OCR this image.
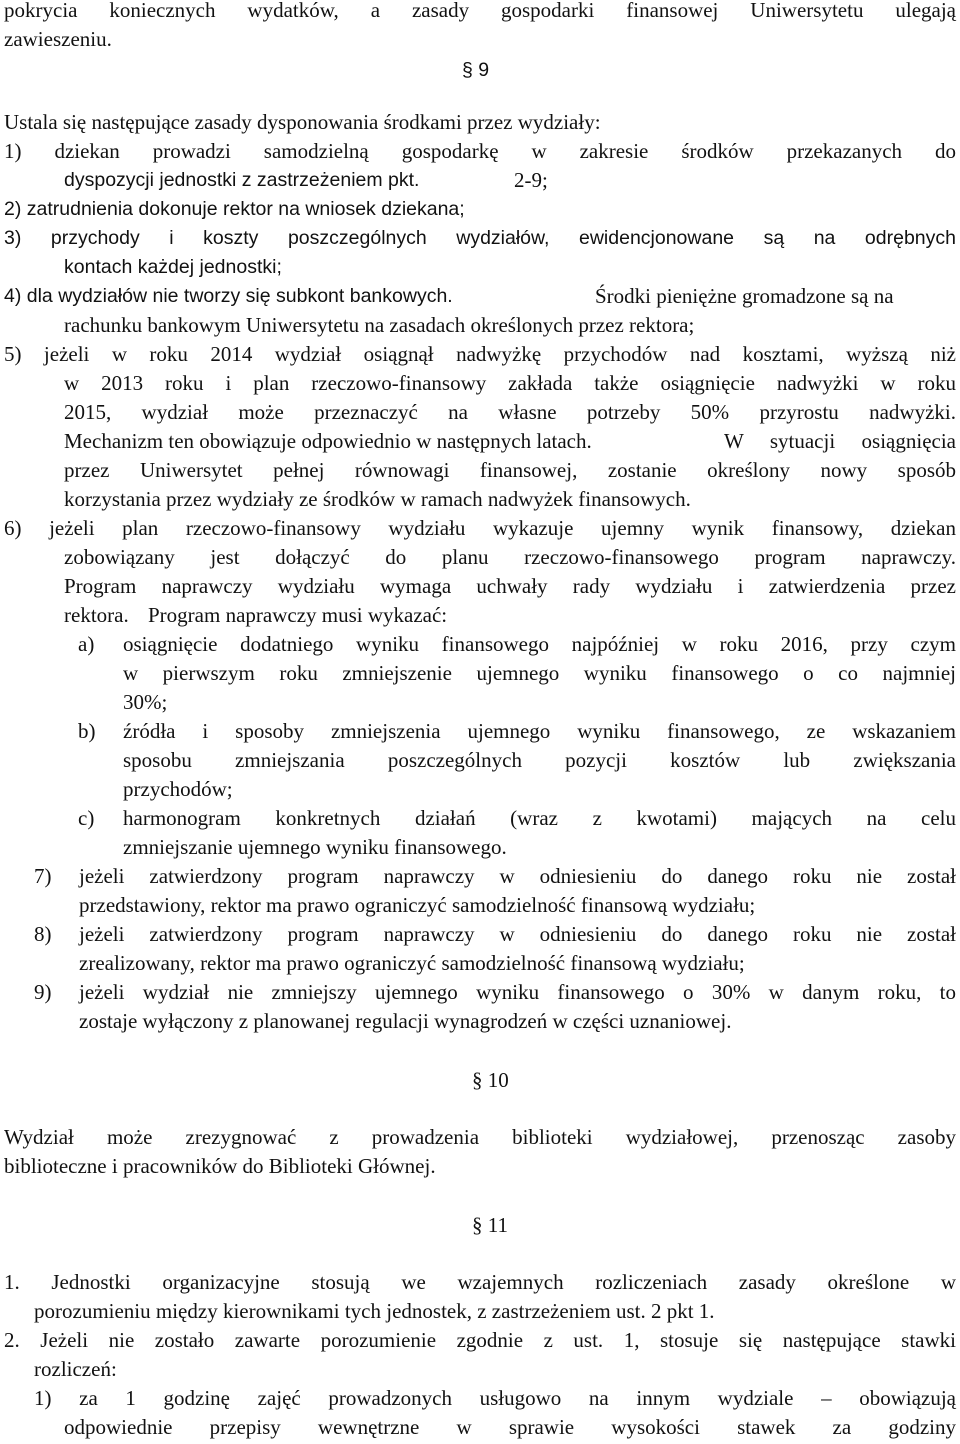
pokrycia koniecznych wydatków, a zasady gospodarki finansowej Uniwersytetu ulegają
zawieszeniu.
§ 9
Ustala się następujące zasady dysponowania środkami przez wydziały:
1) dziekan prowadzi samodzielną gospodarkę w zakresie środków przekazanych do
dyspozycji jednostki z zastrzeżeniem pkt.	2-9;
2) zatrudnienia dokonuje rektor na wniosek dziekana;
3) przychody i koszty poszczególnych wydziałów, ewidencjonowane są na odrębnych
kontach każdej jednostki;
4) dla wydziałów nie tworzy się subkont bankowych.	Środki pieniężne gromadzone są na
rachunku bankowym Uniwersytetu na zasadach określonych przez rektora;
5) jeżeli w roku 2014 wydział osiągnął nadwyżkę przychodów nad kosztami, wyższą niż
w 2013 roku i plan rzeczowo-finansowy zakłada także osiągnięcie nadwyżki w roku
2015, wydział może przeznaczyć na własne potrzeby 50% przyrostu nadwyżki.
Mechanizm ten obowiązuje odpowiednio w następnych latach.	W sytuacji osiągnięcia
przez Uniwersytet pełnej równowagi finansowej, zostanie określony nowy sposób
korzystania przez wydziały ze środków w ramach nadwyżek finansowych.
6) jeżeli plan rzeczowo-finansowy wydziału wykazuje ujemny wynik finansowy, dziekan
zobowiązany jest dołączyć do planu rzeczowo-finansowego program naprawczy.
Program naprawczy wydziału wymaga uchwały rady wydziału i zatwierdzenia przez
rektora. Program naprawczy musi wykazać:
a) osiągnięcie dodatniego wyniku finansowego najpóźniej w roku 2016, przy czym
w pierwszym roku zmniejszenie ujemnego wyniku finansowego o co najmniej
30%;
b) źródła i sposoby zmniejszenia ujemnego wyniku finansowego, ze wskazaniem
sposobu zmniejszania poszczególnych pozycji kosztów lub zwiększania
przychodów;
c) harmonogram konkretnych działań (wraz z kwotami) mających na celu
zmniejszanie ujemnego wyniku finansowego.
7) jeżeli zatwierdzony program naprawczy w odniesieniu do danego roku nie został
przedstawiony, rektor ma prawo ograniczyć samodzielność finansową wydziału;
8) jeżeli zatwierdzony program naprawczy w odniesieniu do danego roku nie został
zrealizowany, rektor ma prawo ograniczyć samodzielność finansową wydziału;
9) jeżeli wydział nie zmniejszy ujemnego wyniku finansowego o 30% w danym roku, to
zostaje wyłączony z planowanej regulacji wynagrodzeń w części uznaniowej.
§ 10
Wydział może zrezygnować z prowadzenia biblioteki wydziałowej, przenosząc zasoby
biblioteczne i pracowników do Biblioteki Głównej.
§ 11
1. Jednostki organizacyjne stosują we wzajemnych rozliczeniach zasady określone w
porozumieniu między kierownikami tych jednostek, z zastrzeżeniem ust. 2 pkt 1.
2. Jeżeli nie zostało zawarte porozumienie zgodnie z ust. 1, stosuje się następujące stawki
rozliczeń:
1) za 1 godzinę zajęć prowadzonych usługowo na innym wydziale – obowiązują
odpowiednie przepisy wewnętrzne w sprawie wysokości stawek za godziny
